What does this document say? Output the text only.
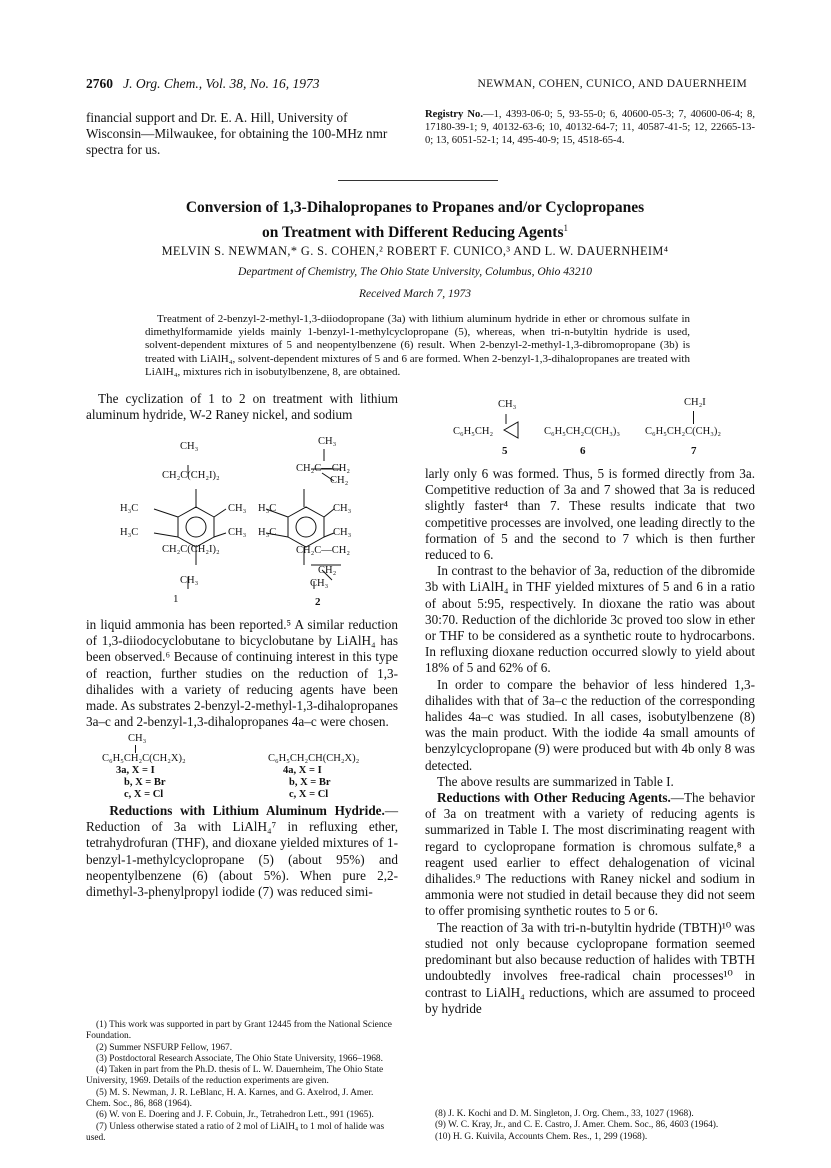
2760 J. Org. Chem., Vol. 38, No. 16, 1973	NEWMAN, COHEN, CUNICO, AND DAUERNHEIM
financial support and Dr. E. A. Hill, University of Wisconsin—Milwaukee, for obtaining the 100-MHz nmr spectra for us.
Registry No.—1, 4393-06-0; 5, 93-55-0; 6, 40600-05-3; 7, 40600-06-4; 8, 17180-39-1; 9, 40132-63-6; 10, 40132-64-7; 11, 40587-41-5; 12, 22665-13-0; 13, 6051-52-1; 14, 495-40-9; 15, 4518-65-4.
Conversion of 1,3-Dihalopropanes to Propanes and/or Cyclopropanes
on Treatment with Different Reducing Agents$^1$
MELVIN S. NEWMAN,* G. S. COHEN,² ROBERT F. CUNICO,³ AND L. W. DAUERNHEIM⁴
Department of Chemistry, The Ohio State University, Columbus, Ohio 43210
Received March 7, 1973
Treatment of 2-benzyl-2-methyl-1,3-diiodopropane (3a) with lithium aluminum hydride in ether or chromous sulfate in dimethylformamide yields mainly 1-benzyl-1-methylcyclopropane (5), whereas, when tri-n-butyltin hydride is used, solvent-dependent mixtures of 5 and neopentylbenzene (6) result. When 2-benzyl-2-methyl-1,3-dibromopropane (3b) is treated with LiAlH₄, solvent-dependent mixtures of 5 and 6 are formed. When 2-benzyl-1,3-dihalopropanes are treated with LiAlH₄, mixtures rich in isobutylbenzene, 8, are obtained.

The cyclization of 1 to 2 on treatment with lithium aluminum hydride, W-2 Raney nickel, and sodium

CH₃
CH₂C(CH₂I)₂
H₃C	CH₃
H₃C	CH₃
CH₂C(CH₂I)₂
CH₃
1
CH₃
CH₂C—CH₂
CH₂
H₃C	CH₃
H₃C	CH₃
CH₂C—CH₂
CH₂
CH₃
2

in liquid ammonia has been reported.⁵ A similar reduction of 1,3-diiodocyclobutane to bicyclobutane by LiAlH₄ has been observed.⁶ Because of continuing interest in this type of reaction, further studies on the reduction of 1,3-dihalides with a variety of reducing agents have been made. As substrates 2-benzyl-2-methyl-1,3-dihalopropanes 3a–c and 2-benzyl-1,3-dihalopropanes 4a–c were chosen.

CH₃
C₆H₅CH₂C(CH₂X)₂
3a, X = I
b, X = Br
c, X = Cl
C₆H₅CH₂CH(CH₂X)₂
4a, X = I
b, X = Br
c, X = Cl

Reductions with Lithium Aluminum Hydride.—Reduction of 3a with LiAlH₄⁷ in refluxing ether, tetrahydrofuran (THF), and dioxane yielded mixtures of 1-benzyl-1-methylcyclopropane (5) (about 95%) and neopentylbenzene (6) (about 5%). When pure 2,2-dimethyl-3-phenylpropyl iodide (7) was reduced simi-

CH₃
C₆H₅CH₂
5
C₆H₅CH₂C(CH₃)₃
6
CH₂I
C₆H₅CH₂C(CH₃)₂
7

larly only 6 was formed. Thus, 5 is formed directly from 3a. Competitive reduction of 3a and 7 showed that 3a is reduced slightly faster⁴ than 7. These results indicate that two competitive processes are involved, one leading directly to the formation of 5 and the second to 7 which is then further reduced to 6.

In contrast to the behavior of 3a, reduction of the dibromide 3b with LiAlH₄ in THF yielded mixtures of 5 and 6 in a ratio of about 5:95, respectively. In dioxane the ratio was about 30:70. Reduction of the dichloride 3c proved too slow in ether or THF to be considered as a synthetic route to hydrocarbons. In refluxing dioxane reduction occurred slowly to yield about 18% of 5 and 62% of 6.

In order to compare the behavior of less hindered 1,3-dihalides with that of 3a–c the reduction of the corresponding halides 4a–c was studied. In all cases, isobutylbenzene (8) was the main product. With the iodide 4a small amounts of benzylcyclopropane (9) were produced but with 4b only 8 was detected.

The above results are summarized in Table I.

Reductions with Other Reducing Agents.—The behavior of 3a on treatment with a variety of reducing agents is summarized in Table I. The most discriminating reagent with regard to cyclopropane formation is chromous sulfate,⁸ a reagent used earlier to effect dehalogenation of vicinal dihalides.⁹ The reductions with Raney nickel and sodium in ammonia were not studied in detail because they did not seem to offer promising synthetic routes to 5 or 6.

The reaction of 3a with tri-n-butyltin hydride (TBTH)¹⁰ was studied not only because cyclopropane formation seemed predominant but also because reduction of halides with TBTH undoubtedly involves free-radical chain processes¹⁰ in contrast to LiAlH₄ reductions, which are assumed to proceed by hydride

(1) This work was supported in part by Grant 12445 from the National Science Foundation.
(2) Summer NSFURP Fellow, 1967.
(3) Postdoctoral Research Associate, The Ohio State University, 1966–1968.
(4) Taken in part from the Ph.D. thesis of L. W. Dauernheim, The Ohio State University, 1969. Details of the reduction experiments are given.
(5) M. S. Newman, J. R. LeBlanc, H. A. Karnes, and G. Axelrod, J. Amer. Chem. Soc., 86, 868 (1964).
(6) W. von E. Doering and J. F. Cobuin, Jr., Tetrahedron Lett., 991 (1965).
(7) Unless otherwise stated a ratio of 2 mol of LiAlH₄ to 1 mol of halide was used.
(8) J. K. Kochi and D. M. Singleton, J. Org. Chem., 33, 1027 (1968).
(9) W. C. Kray, Jr., and C. E. Castro, J. Amer. Chem. Soc., 86, 4603 (1964).
(10) H. G. Kuivila, Accounts Chem. Res., 1, 299 (1968).
